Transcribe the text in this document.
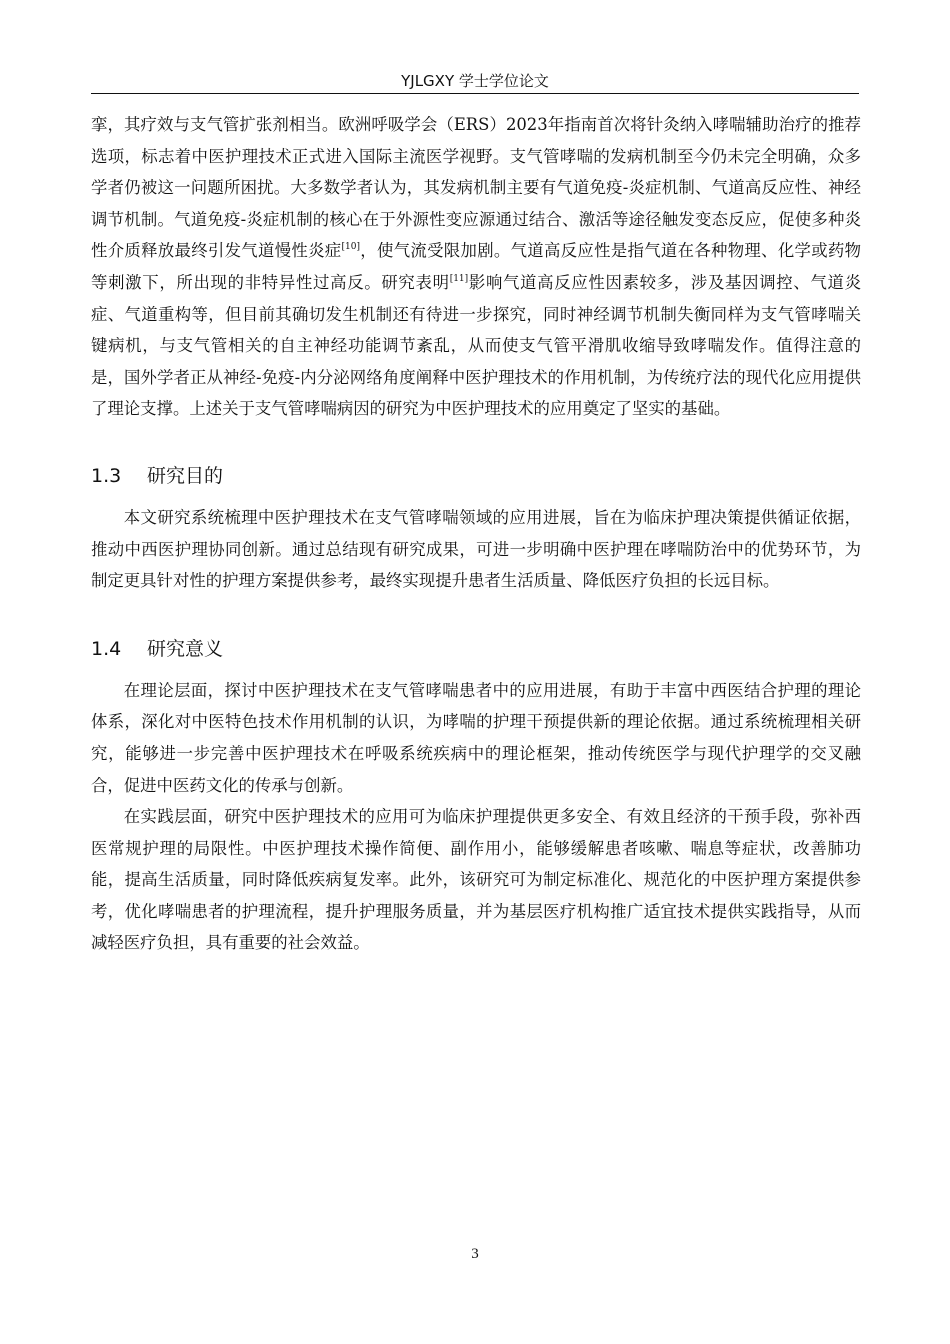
YJLGXY 学士学位论文

挛，其疗效与支气管扩张剂相当。欧洲呼吸学会（ERS）2023年指南首次将针灸纳入哮喘辅助治疗的推荐选项，标志着中医护理技术正式进入国际主流医学视野。支气管哮喘的发病机制至今仍未完全明确，众多学者仍被这一问题所困扰。大多数学者认为，其发病机制主要有气道免疫-炎症机制、气道高反应性、神经调节机制。气道免疫-炎症机制的核心在于外源性变应源通过结合、激活等途径触发变态反应，促使多种炎性介质释放最终引发气道慢性炎症[10]，使气流受限加剧。气道高反应性是指气道在各种物理、化学或药物等刺激下，所出现的非特异性过高反。研究表明[11]影响气道高反应性因素较多，涉及基因调控、气道炎症、气道重构等，但目前其确切发生机制还有待进一步探究，同时神经调节机制失衡同样为支气管哮喘关键病机，与支气管相关的自主神经功能调节紊乱，从而使支气管平滑肌收缩导致哮喘发作。值得注意的是，国外学者正从神经-免疫-内分泌网络角度阐释中医护理技术的作用机制，为传统疗法的现代化应用提供了理论支撑。上述关于支气管哮喘病因的研究为中医护理技术的应用奠定了坚实的基础。

1.3 研究目的

本文研究系统梳理中医护理技术在支气管哮喘领域的应用进展，旨在为临床护理决策提供循证依据，推动中西医护理协同创新。通过总结现有研究成果，可进一步明确中医护理在哮喘防治中的优势环节，为制定更具针对性的护理方案提供参考，最终实现提升患者生活质量、降低医疗负担的长远目标。

1.4 研究意义

在理论层面，探讨中医护理技术在支气管哮喘患者中的应用进展，有助于丰富中西医结合护理的理论体系，深化对中医特色技术作用机制的认识，为哮喘的护理干预提供新的理论依据。通过系统梳理相关研究，能够进一步完善中医护理技术在呼吸系统疾病中的理论框架，推动传统医学与现代护理学的交叉融合，促进中医药文化的传承与创新。

在实践层面，研究中医护理技术的应用可为临床护理提供更多安全、有效且经济的干预手段，弥补西医常规护理的局限性。中医护理技术操作简便、副作用小，能够缓解患者咳嗽、喘息等症状，改善肺功能，提高生活质量，同时降低疾病复发率。此外，该研究可为制定标准化、规范化的中医护理方案提供参考，优化哮喘患者的护理流程，提升护理服务质量，并为基层医疗机构推广适宜技术提供实践指导，从而减轻医疗负担，具有重要的社会效益。

3
